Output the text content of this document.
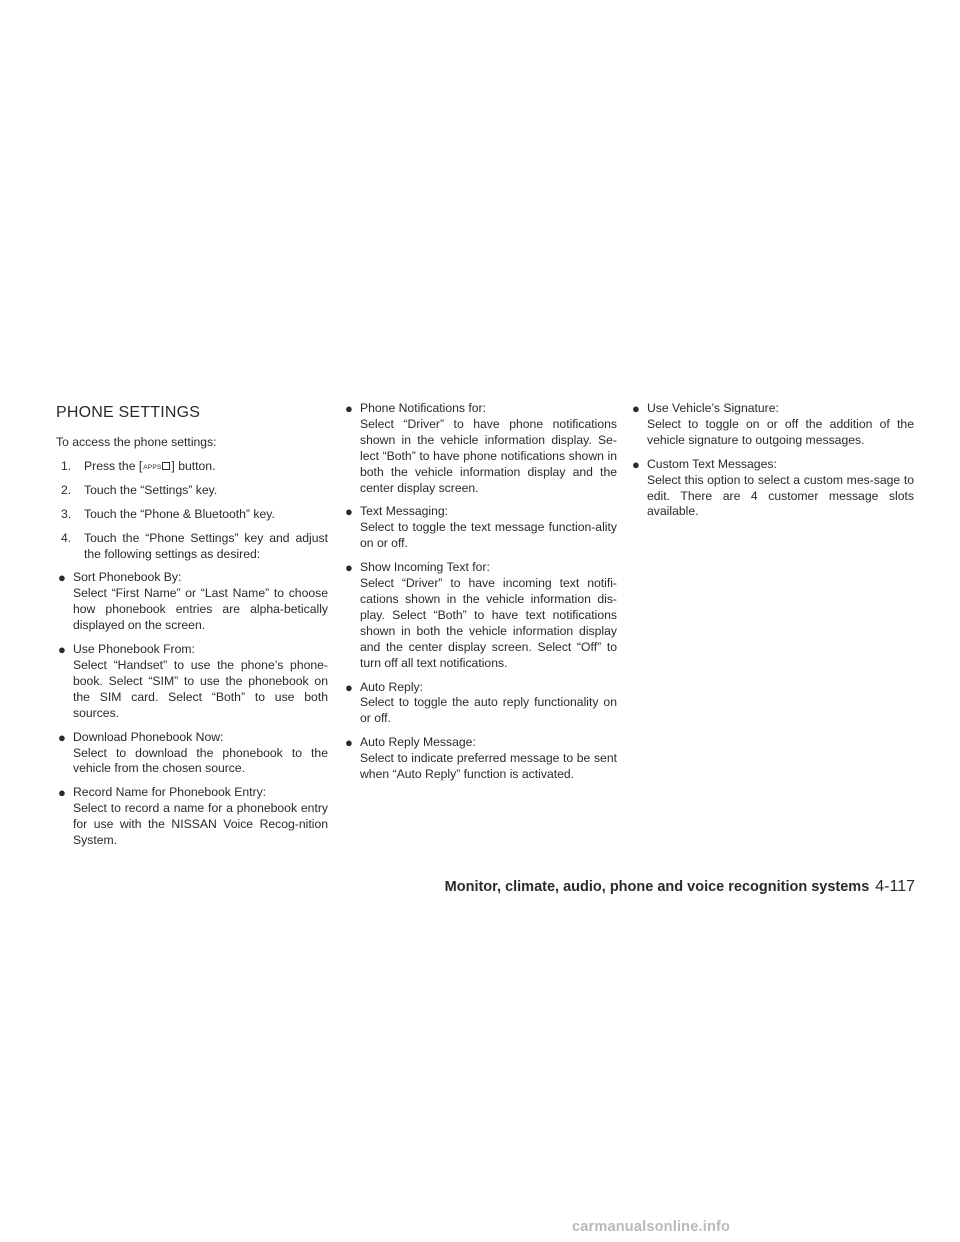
PHONE SETTINGS
To access the phone settings:
1. Press the [APPS ] button.
2. Touch the “Settings” key.
3. Touch the “Phone & Bluetooth” key.
4. Touch the “Phone Settings” key and adjust the following settings as desired:
● Sort Phonebook By:
Select “First Name” or “Last Name” to choose how phonebook entries are alpha-betically displayed on the screen.
● Use Phonebook From:
Select “Handset” to use the phone’s phone-book. Select “SIM” to use the phonebook on the SIM card. Select “Both” to use both sources.
● Download Phonebook Now:
Select to download the phonebook to the vehicle from the chosen source.
● Record Name for Phonebook Entry:
Select to record a name for a phonebook entry for use with the NISSAN Voice Recog-nition System.
● Phone Notifications for:
Select “Driver” to have phone notifications shown in the vehicle information display. Se-lect “Both” to have phone notifications shown in both the vehicle information display and the center display screen.
● Text Messaging:
Select to toggle the text message function-ality on or off.
● Show Incoming Text for:
Select “Driver” to have incoming text notifi-cations shown in the vehicle information dis-play. Select “Both” to have text notifications shown in both the vehicle information display and the center display screen. Select “Off” to turn off all text notifications.
● Auto Reply:
Select to toggle the auto reply functionality on or off.
● Auto Reply Message:
Select to indicate preferred message to be sent when “Auto Reply” function is activated.
● Use Vehicle’s Signature:
Select to toggle on or off the addition of the vehicle signature to outgoing messages.
● Custom Text Messages:
Select this option to select a custom mes-sage to edit. There are 4 customer message slots available.
Monitor, climate, audio, phone and voice recognition systems 4-117
carmanualsonline.info
